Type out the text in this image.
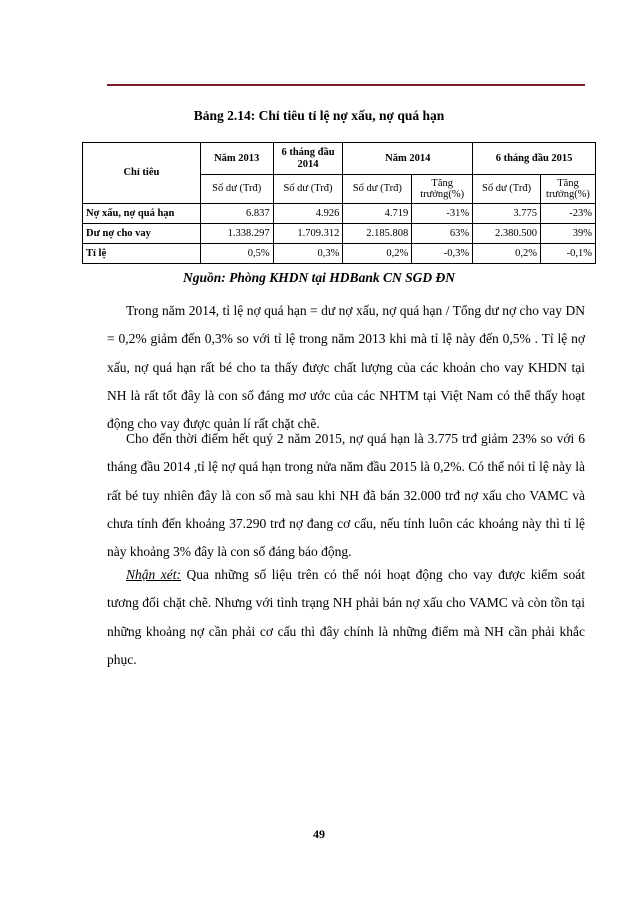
Bảng 2.14: Chỉ tiêu tỉ lệ nợ xấu, nợ quá hạn
Chỉ tiêu	Năm 2013	6 tháng đầu 2014	Năm 2014		6 tháng đầu 2015	
	Số dư (Trđ)	Số dư (Trđ)	Số dư (Trđ)	Tăng trưởng(%)	Số dư (Trđ)	Tăng trưởng(%)
Nợ xấu, nợ quá hạn	6.837	4.926	4.719	-31%	3.775	-23%
Dư nợ cho vay	1.338.297	1.709.312	2.185.808	63%	2.380.500	39%
Tỉ lệ	0,5%	0,3%	0,2%	-0,3%	0,2%	-0,1%
Nguồn: Phòng KHDN tại HDBank CN SGD ĐN

Trong năm 2014, tỉ lệ nợ quá hạn = dư nợ xấu, nợ quá hạn / Tổng dư nợ cho vay DN = 0,2% giảm đến 0,3% so với tỉ lệ trong năm 2013 khi mà tỉ lệ này đến 0,5% . Tỉ lệ nợ xấu, nợ quá hạn rất bé cho ta thấy được chất lượng của các khoản cho vay KHDN tại NH là rất tốt đây là con số đáng mơ ước của các NHTM tại Việt Nam có thể thấy hoạt động cho vay được quản lí rất chặt chẽ.

Cho đến thời điểm hết quý 2 năm 2015, nợ quá hạn là 3.775 trđ giảm 23% so với 6 tháng đầu 2014 ,tỉ lệ nợ quá hạn trong nửa năm đầu 2015 là 0,2%. Có thể nói tỉ lệ này là rất bé tuy nhiên đây là con số mà sau khi NH đã bán 32.000 trđ nợ xấu cho VAMC và chưa tính đến khoảng 37.290 trđ nợ đang cơ cấu, nếu tính luôn các khoảng này thì tỉ lệ này khoảng 3% đây là con số đáng báo động.

Nhận xét: Qua những số liệu trên có thể nói hoạt động cho vay được kiểm soát tương đối chặt chẽ. Nhưng với tình trạng NH phải bán nợ xấu cho VAMC và còn tồn tại những khoảng nợ cần phải cơ cấu thì đây chính là những điểm mà NH cần phải khắc phục.

49
